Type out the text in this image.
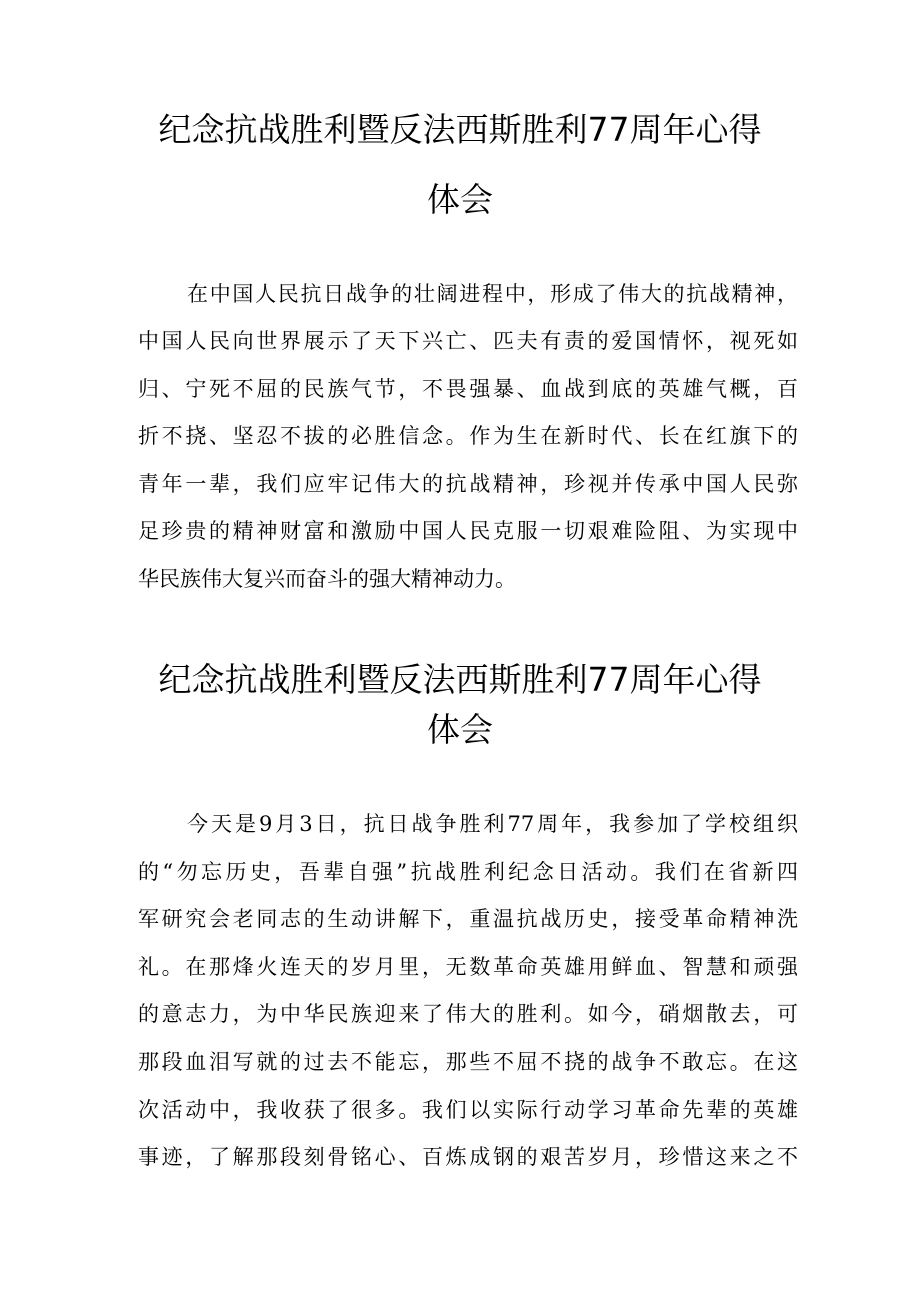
纪念抗战胜利暨反法西斯胜利77周年心得
体会
在中国人民抗日战争的壮阔进程中，形成了伟大的抗战精神，
中国人民向世界展示了天下兴亡、匹夫有责的爱国情怀，视死如
归、宁死不屈的民族气节，不畏强暴、血战到底的英雄气概，百
折不挠、坚忍不拔的必胜信念。作为生在新时代、长在红旗下的
青年一辈，我们应牢记伟大的抗战精神，珍视并传承中国人民弥
足珍贵的精神财富和激励中国人民克服一切艰难险阻、为实现中
华民族伟大复兴而奋斗的强大精神动力。
纪念抗战胜利暨反法西斯胜利77周年心得
体会
今天是9月3日，抗日战争胜利77周年，我参加了学校组织
的“勿忘历史，吾辈自强”抗战胜利纪念日活动。我们在省新四
军研究会老同志的生动讲解下，重温抗战历史，接受革命精神洗
礼。在那烽火连天的岁月里，无数革命英雄用鲜血、智慧和顽强
的意志力，为中华民族迎来了伟大的胜利。如今，硝烟散去，可
那段血泪写就的过去不能忘，那些不屈不挠的战争不敢忘。在这
次活动中，我收获了很多。我们以实际行动学习革命先辈的英雄
事迹，了解那段刻骨铭心、百炼成钢的艰苦岁月，珍惜这来之不
